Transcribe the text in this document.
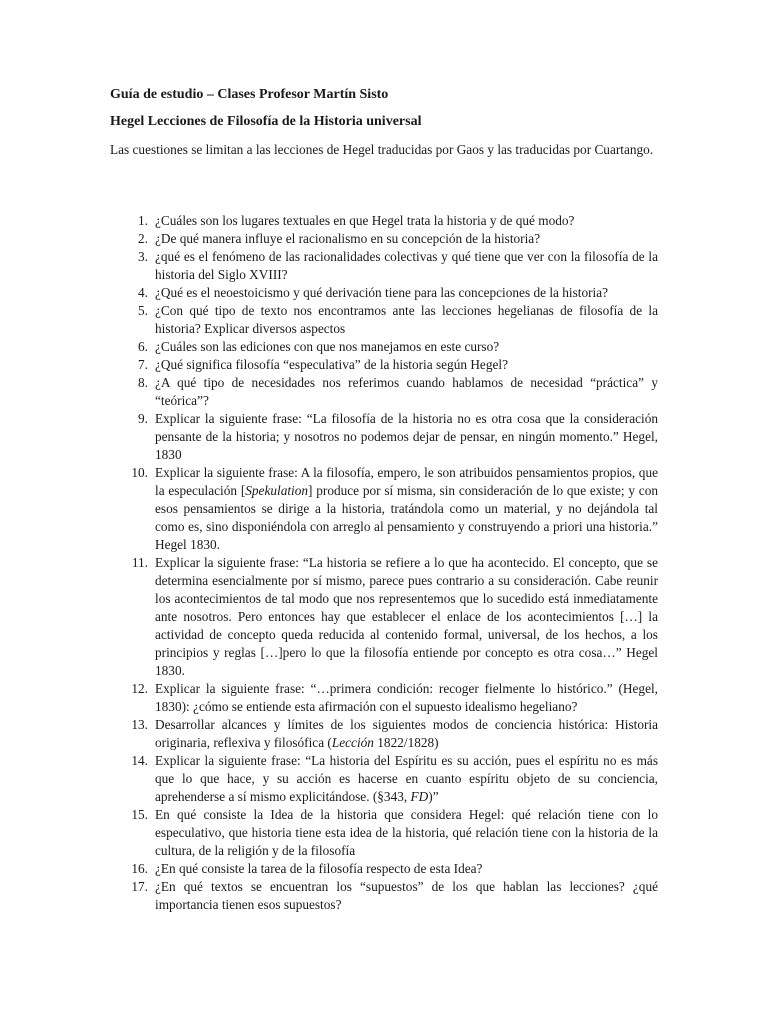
Guía de estudio – Clases Profesor Martín Sisto
Hegel Lecciones de Filosofía de la Historia universal
Las cuestiones se limitan a las lecciones de Hegel traducidas por Gaos y las traducidas por Cuartango.
1. ¿Cuáles son los lugares textuales en que Hegel trata la historia y de qué modo?
2. ¿De qué manera influye el racionalismo en su concepción de la historia?
3. ¿qué es el fenómeno de las racionalidades colectivas y qué tiene que ver con la filosofía de la historia del Siglo XVIII?
4. ¿Qué es el neoestoicismo y qué derivación tiene para las concepciones de la historia?
5. ¿Con qué tipo de texto nos encontramos ante las lecciones hegelianas de filosofía de la historia? Explicar diversos aspectos
6. ¿Cuáles son las ediciones con que nos manejamos en este curso?
7. ¿Qué significa filosofía “especulativa” de la historia según Hegel?
8. ¿A qué tipo de necesidades nos referimos cuando hablamos de necesidad “práctica” y “teórica”?
9. Explicar la siguiente frase: “La filosofía de la historia no es otra cosa que la consideración pensante de la historia; y nosotros no podemos dejar de pensar, en ningún momento.” Hegel, 1830
10. Explicar la siguiente frase: A la filosofía, empero, le son atribuidos pensamientos propios, que la especulación [Spekulation] produce por sí misma, sin consideración de lo que existe; y con esos pensamientos se dirige a la historia, tratándola como un material, y no dejándola tal como es, sino disponiéndola con arreglo al pensamiento y construyendo a priori una historia.” Hegel 1830.
11. Explicar la siguiente frase: “La historia se refiere a lo que ha acontecido. El concepto, que se determina esencialmente por sí mismo, parece pues contrario a su consideración. Cabe reunir los acontecimientos de tal modo que nos representemos que lo sucedido está inmediatamente ante nosotros. Pero entonces hay que establecer el enlace de los acontecimientos […] la actividad de concepto queda reducida al contenido formal, universal, de los hechos, a los principios y reglas […]pero lo que la filosofía entiende por concepto es otra cosa…” Hegel 1830.
12. Explicar la siguiente frase: “…primera condición: recoger fielmente lo histórico.” (Hegel, 1830): ¿cómo se entiende esta afirmación con el supuesto idealismo hegeliano?
13. Desarrollar alcances y límites de los siguientes modos de conciencia histórica: Historia originaria, reflexiva y filosófica (Lección 1822/1828)
14. Explicar la siguiente frase: “La historia del Espíritu es su acción, pues el espíritu no es más que lo que hace, y su acción es hacerse en cuanto espíritu objeto de su conciencia, aprehenderse a sí mismo explicitándose. (§343, FD)”
15. En qué consiste la Idea de la historia que considera Hegel: qué relación tiene con lo especulativo, que historia tiene esta idea de la historia, qué relación tiene con la historia de la cultura, de la religión y de la filosofía
16. ¿En qué consiste la tarea de la filosofía respecto de esta Idea?
17. ¿En qué textos se encuentran los “supuestos” de los que hablan las lecciones? ¿qué importancia tienen esos supuestos?
